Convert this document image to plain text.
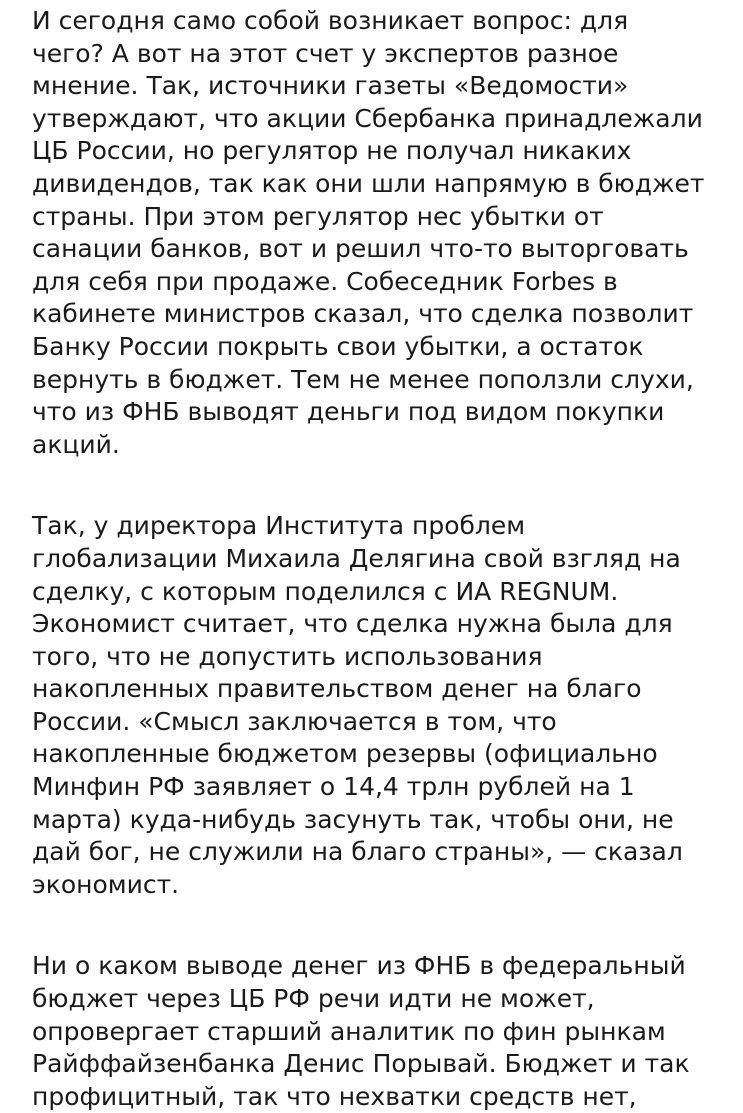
И сегодня само собой возникает вопрос: для
чего? А вот на этот счет у экспертов разное
мнение. Так, источники газеты «Ведомости»
утверждают, что акции Сбербанка принадлежали
ЦБ России, но регулятор не получал никаких
дивидендов, так как они шли напрямую в бюджет
страны. При этом регулятор нес убытки от
санации банков, вот и решил что-то выторговать
для себя при продаже. Собеседник Forbes в
кабинете министров сказал, что сделка позволит
Банку России покрыть свои убытки, а остаток
вернуть в бюджет. Тем не менее поползли слухи,
что из ФНБ выводят деньги под видом покупки
акций.

Так, у директора Института проблем
глобализации Михаила Делягина свой взгляд на
сделку, с которым поделился с ИА REGNUM.
Экономист считает, что сделка нужна была для
того, что не допустить использования
накопленных правительством денег на благо
России. «Смысл заключается в том, что
накопленные бюджетом резервы (официально
Минфин РФ заявляет о 14,4 трлн рублей на 1
марта) куда-нибудь засунуть так, чтобы они, не
дай бог, не служили на благо страны», — сказал
экономист.

Ни о каком выводе денег из ФНБ в федеральный
бюджет через ЦБ РФ речи идти не может,
опровергает старший аналитик по фин рынкам
Райффайзенбанка Денис Порывай. Бюджет и так
профицитный, так что нехватки средств нет,
